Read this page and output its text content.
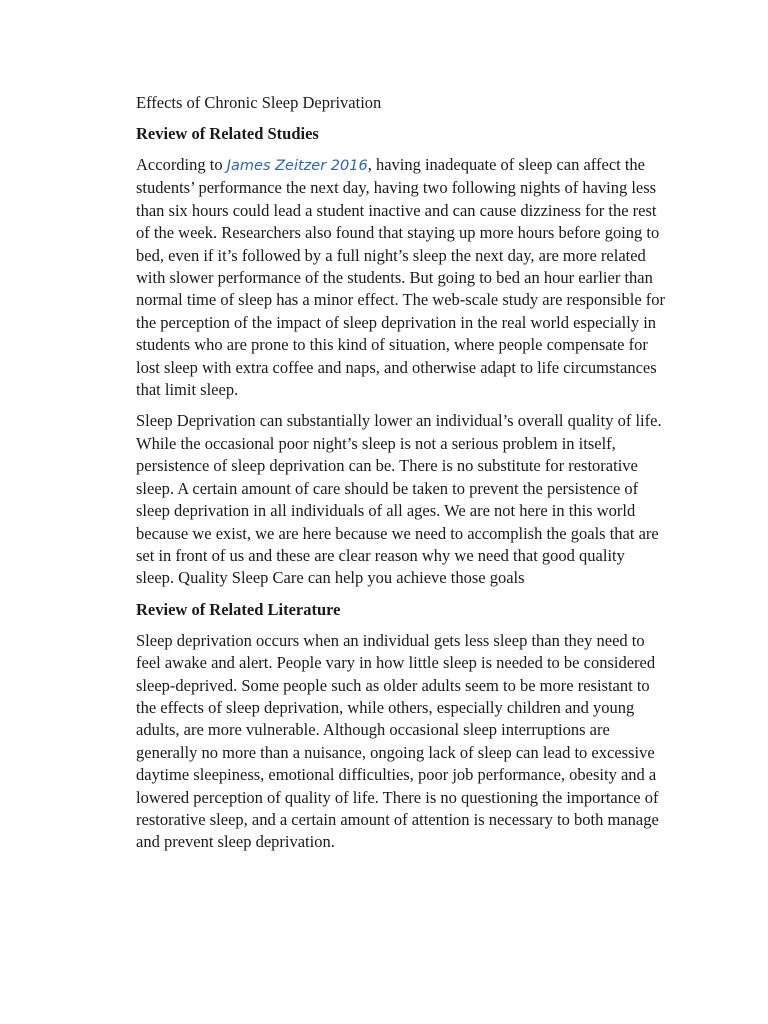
Effects of Chronic Sleep Deprivation

Review of Related Studies

According to James Zeitzer 2016, having inadequate of sleep can affect the students’ performance the next day, having two following nights of having less than six hours could lead a student inactive and can cause dizziness for the rest of the week. Researchers also found that staying up more hours before going to bed, even if it’s followed by a full night’s sleep the next day, are more related with slower performance of the students. But going to bed an hour earlier than normal time of sleep has a minor effect. The web-scale study are responsible for the perception of the impact of sleep deprivation in the real world especially in students who are prone to this kind of situation, where people compensate for lost sleep with extra coffee and naps, and otherwise adapt to life circumstances that limit sleep.

Sleep Deprivation can substantially lower an individual’s overall quality of life. While the occasional poor night’s sleep is not a serious problem in itself, persistence of sleep deprivation can be. There is no substitute for restorative sleep. A certain amount of care should be taken to prevent the persistence of sleep deprivation in all individuals of all ages. We are not here in this world because we exist, we are here because we need to accomplish the goals that are set in front of us and these are clear reason why we need that good quality sleep. Quality Sleep Care can help you achieve those goals

Review of Related Literature

Sleep deprivation occurs when an individual gets less sleep than they need to feel awake and alert. People vary in how little sleep is needed to be considered sleep-deprived. Some people such as older adults seem to be more resistant to the effects of sleep deprivation, while others, especially children and young adults, are more vulnerable. Although occasional sleep interruptions are generally no more than a nuisance, ongoing lack of sleep can lead to excessive daytime sleepiness, emotional difficulties, poor job performance, obesity and a lowered perception of quality of life. There is no questioning the importance of restorative sleep, and a certain amount of attention is necessary to both manage and prevent sleep deprivation.
